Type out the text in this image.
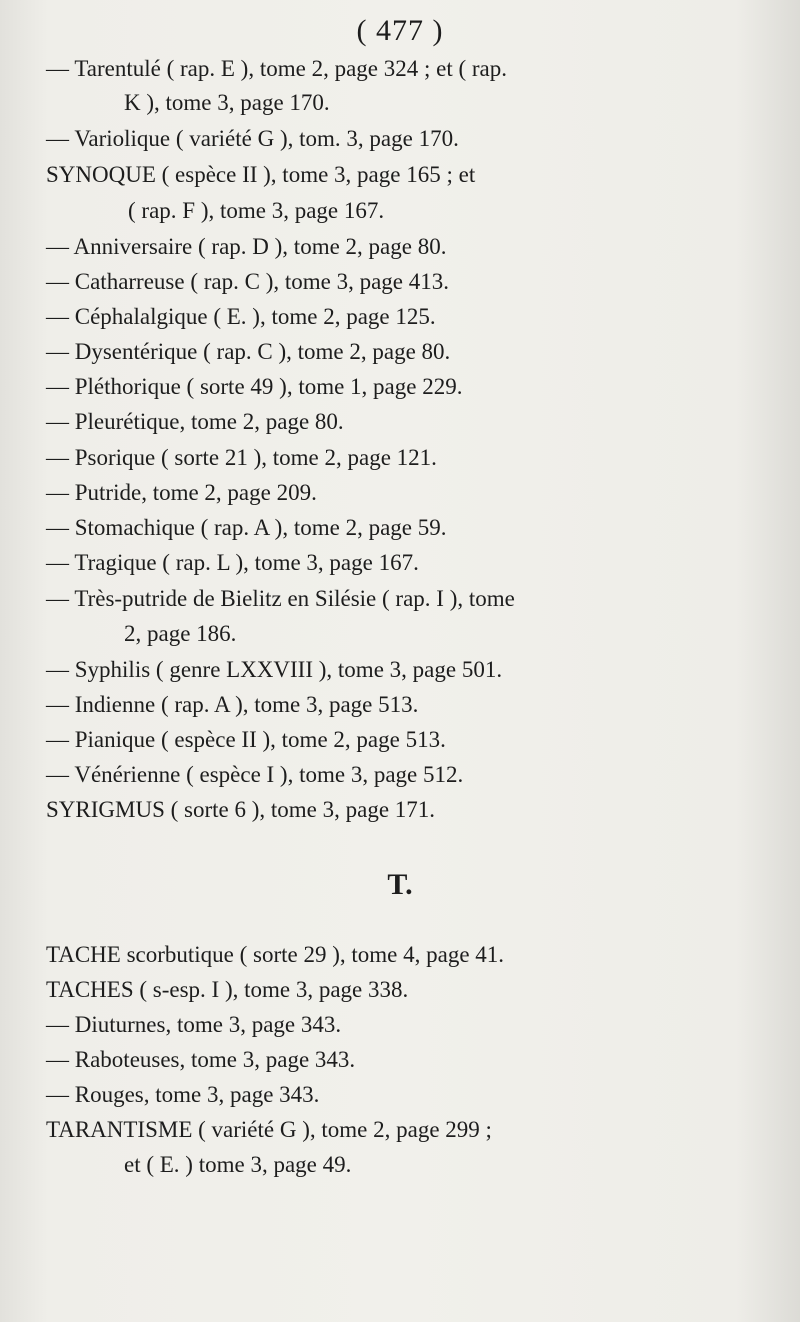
( 477 )
— Tarentulé ( rap. E ), tome 2, page 324 ; et ( rap.
K ), tome 3, page 170.
— Variolique ( variété G ), tom. 3, page 170.
SYNOQUE ( espèce II ), tome 3, page 165 ; et
( rap. F ), tome 3, page 167.
— Anniversaire ( rap. D ), tome 2, page 80.
— Catharreuse ( rap. C ), tome 3, page 413.
— Céphalalgique ( E. ), tome 2, page 125.
— Dysentérique ( rap. C ), tome 2, page 80.
— Pléthorique ( sorte 49 ), tome 1, page 229.
— Pleurétique, tome 2, page 80.
— Psorique ( sorte 21 ), tome 2, page 121.
— Putride, tome 2, page 209.
— Stomachique ( rap. A ), tome 2, page 59.
— Tragique ( rap. L ), tome 3, page 167.
— Très-putride de Bielitz en Silésie ( rap. I ), tome
2, page 186.
— Syphilis ( genre LXXVIII ), tome 3, page 501.
— Indienne ( rap. A ), tome 3, page 513.
— Pianique ( espèce II ), tome 2, page 513.
— Vénérienne ( espèce I ), tome 3, page 512.
SYRIGMUS ( sorte 6 ), tome 3, page 171.
T.
TACHE scorbutique ( sorte 29 ), tome 4, page 41.
TACHES ( s-esp. I ), tome 3, page 338.
— Diuturnes, tome 3, page 343.
— Raboteuses, tome 3, page 343.
— Rouges, tome 3, page 343.
TARANTISME ( variété G ), tome 2, page 299 ;
et ( E. ) tome 3, page 49.
